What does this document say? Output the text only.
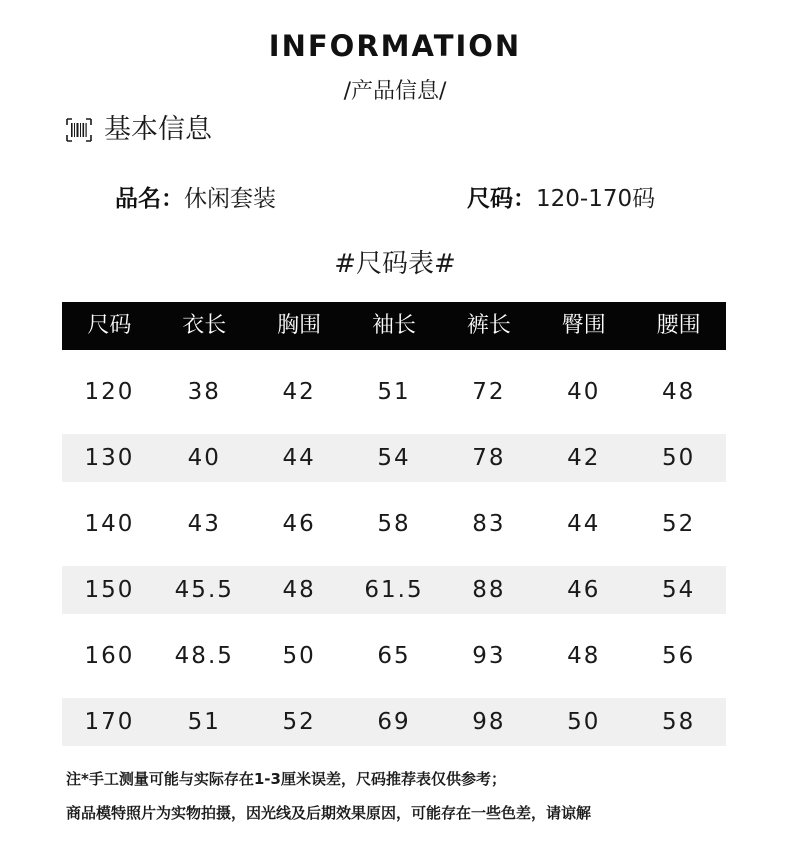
INFORMATION
/产品信息/
基本信息
品名： 休闲套装	尺码： 120-170码
#尺码表#
尺码	衣长	胸围	袖长	裤长	臀围	腰围
120	38	42	51	72	40	48
130	40	44	54	78	42	50
140	43	46	58	83	44	52
150	45.5	48	61.5	88	46	54
160	48.5	50	65	93	48	56
170	51	52	69	98	50	58
注*手工测量可能与实际存在1-3厘米误差，尺码推荐表仅供参考；
商品模特照片为实物拍摄，因光线及后期效果原因，可能存在一些色差，请谅解
